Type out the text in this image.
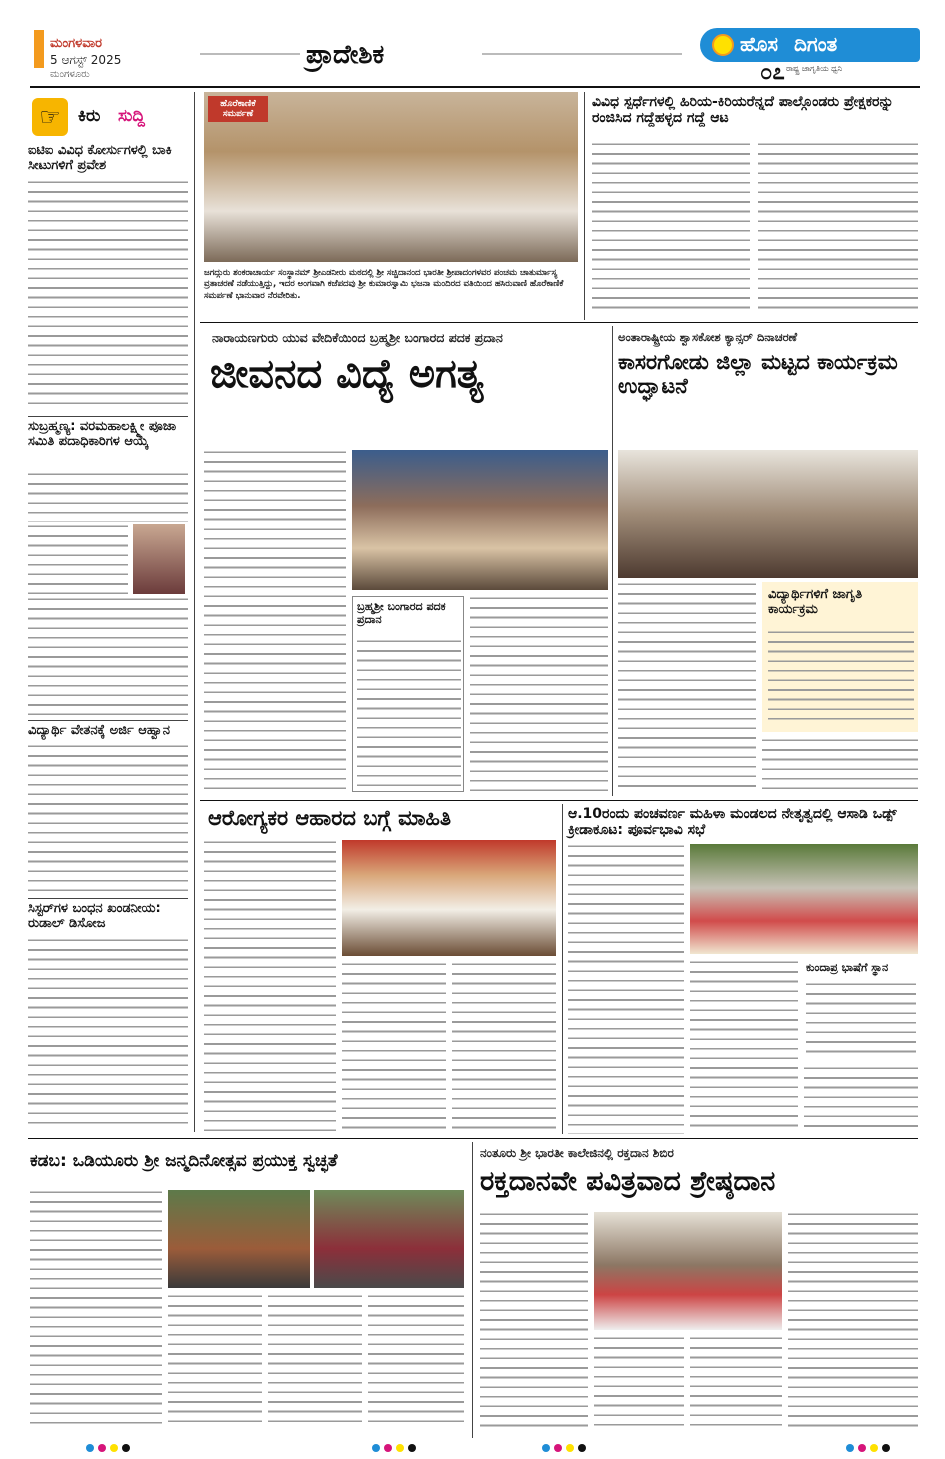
ಮಂಗಳವಾರ
5 ಆಗಸ್ಟ್ 2025
ಮಂಗಳೂರು
ಪ್ರಾದೇಶಿಕ	ಹೊಸ ದಿಗಂತ
ರಾಷ್ಟ್ರ ಜಾಗೃತಿಯ ಧ್ವನಿ
೦೭
☞	ಕಿರು ಸುದ್ದಿ
ಐಟಿಐ ವಿವಿಧ ಕೋರ್ಸುಗಳಲ್ಲಿ ಬಾಕಿ ಸೀಟುಗಳಿಗೆ ಪ್ರವೇಶ
ಸುಬ್ರಹ್ಮಣ್ಯ: ವರಮಹಾಲಕ್ಷ್ಮೀ ಪೂಜಾ ಸಮಿತಿ ಪದಾಧಿಕಾರಿಗಳ ಆಯ್ಕೆ
ವಿದ್ಯಾರ್ಥಿ ವೇತನಕ್ಕೆ ಅರ್ಜಿ ಆಹ್ವಾನ
ಸಿಸ್ಟರ್‌ಗಳ ಬಂಧನ ಖಂಡನೀಯ: ರುಡಾಲ್ ಡಿಸೋಜ
ಹೊರೆಕಾಣಿಕೆ ಸಮರ್ಪಣೆ
ಜಗದ್ಗುರು ಶಂಕರಾಚಾರ್ಯ ಸಂಸ್ಥಾನಮ್ ಶ್ರೀಎಡನೀರು ಮಠದಲ್ಲಿ ಶ್ರೀ ಸಚ್ಚಿದಾನಂದ ಭಾರತೀ ಶ್ರೀಪಾದಂಗಳವರ ಪಂಚಮ ಚಾತುರ್ಮಾಸ್ಯ ವ್ರತಾಚರಣೆ ನಡೆಯುತ್ತಿದ್ದು, ಇದರ ಅಂಗವಾಗಿ ಕಜೆಪದವು ಶ್ರೀ ಕುಮಾರಸ್ವಾಮಿ ಭಜನಾ ಮಂದಿರದ ವತಿಯಿಂದ ಹಸಿರುವಾಣಿ ಹೊರೆಕಾಣಿಕೆ ಸಮರ್ಪಣೆ ಭಾನುವಾರ ನೆರವೇರಿತು.
ವಿವಿಧ ಸ್ಪರ್ಧೆಗಳಲ್ಲಿ ಹಿರಿಯ-ಕಿರಿಯರೆನ್ನದೆ ಪಾಲ್ಗೊಂಡರು ಪ್ರೇಕ್ಷಕರನ್ನು ರಂಜಿಸಿದ ಗದ್ದೆಹಳ್ಳದ ಗದ್ದೆ ಆಟ
ನಾರಾಯಣಗುರು ಯುವ ವೇದಿಕೆಯಿಂದ ಬ್ರಹ್ಮಶ್ರೀ ಬಂಗಾರದ ಪದಕ ಪ್ರದಾನ
ಜೀವನದ ವಿದ್ಯೆ ಅಗತ್ಯ
ಬ್ರಹ್ಮಶ್ರೀ ಬಂಗಾರದ ಪದಕ ಪ್ರದಾನ
ಅಂತಾರಾಷ್ಟ್ರೀಯ ಶ್ವಾಸಕೋಶ ಕ್ಯಾನ್ಸರ್ ದಿನಾಚರಣೆ
ಕಾಸರಗೋಡು ಜಿಲ್ಲಾ ಮಟ್ಟದ ಕಾರ್ಯಕ್ರಮ ಉದ್ಘಾಟನೆ
ವಿದ್ಯಾರ್ಥಿಗಳಿಗೆ ಜಾಗೃತಿ ಕಾರ್ಯಕ್ರಮ
ಆರೋಗ್ಯಕರ ಆಹಾರದ ಬಗ್ಗೆ ಮಾಹಿತಿ	ಆ.10ರಂದು ಪಂಚವರ್ಣ ಮಹಿಳಾ ಮಂಡಲದ ನೇತೃತ್ವದಲ್ಲಿ ಆಸಾಡಿ ಒಡ್ಪ್ ಕ್ರೀಡಾಕೂಟ: ಪೂರ್ವಭಾವಿ ಸಭೆ
ಕುಂದಾಪ್ರ ಭಾಷೆಗೆ ಸ್ಥಾನ
ಕಡಬ: ಒಡಿಯೂರು ಶ್ರೀ ಜನ್ಮದಿನೋತ್ಸವ ಪ್ರಯುಕ್ತ ಸ್ವಚ್ಛತೆ	ನಂತೂರು ಶ್ರೀ ಭಾರತೀ ಕಾಲೇಜಿನಲ್ಲಿ ರಕ್ತದಾನ ಶಿಬಿರ
ರಕ್ತದಾನವೇ ಪವಿತ್ರವಾದ ಶ್ರೇಷ್ಠದಾನ
